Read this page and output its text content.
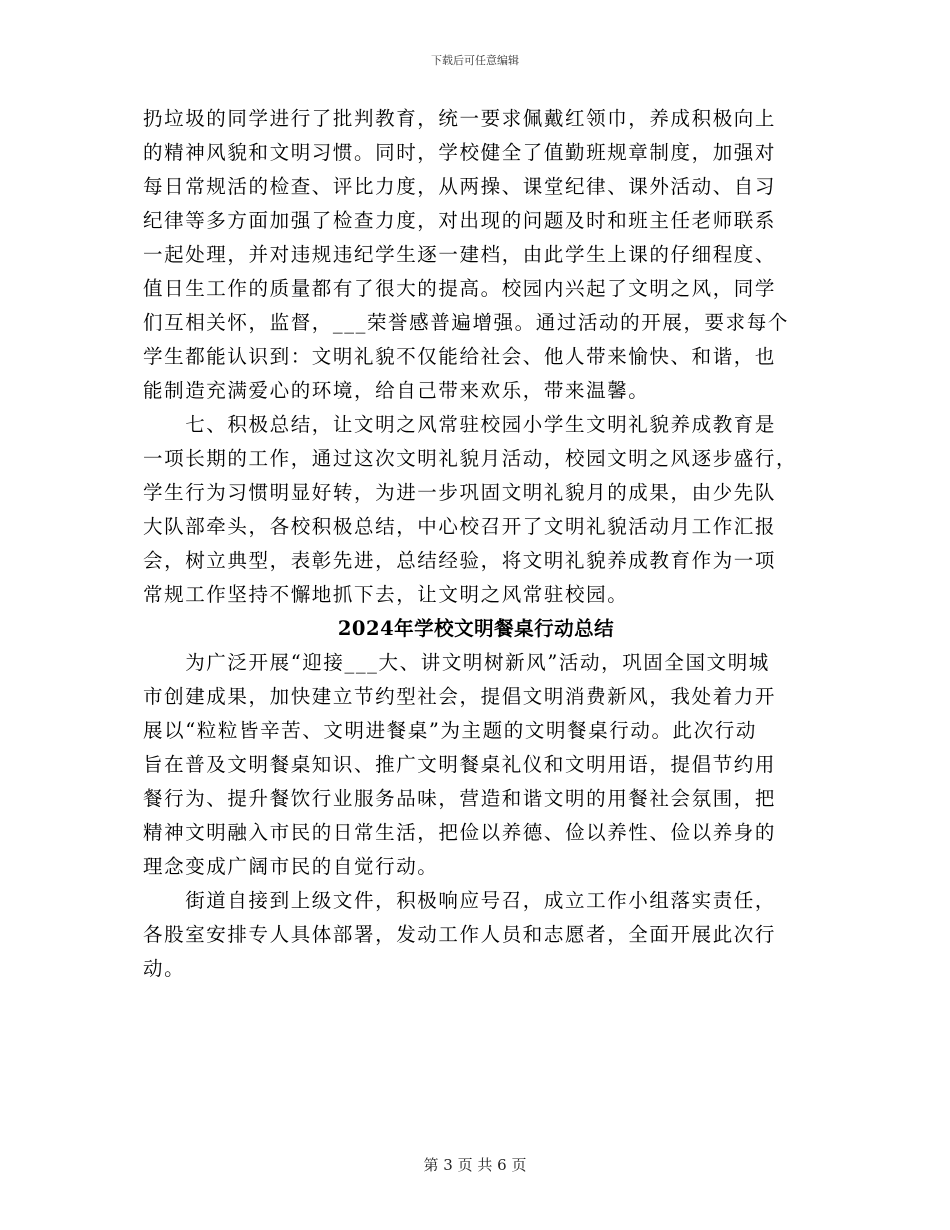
下载后可任意编辑
扔垃圾的同学进行了批判教育，统一要求佩戴红领巾，养成积极向上
的精神风貌和文明习惯。同时，学校健全了值勤班规章制度，加强对
每日常规活的检查、评比力度，从两操、课堂纪律、课外活动、自习
纪律等多方面加强了检查力度，对出现的问题及时和班主任老师联系
一起处理，并对违规违纪学生逐一建档，由此学生上课的仔细程度、
值日生工作的质量都有了很大的提高。校园内兴起了文明之风，同学
们互相关怀，监督，___荣誉感普遍增强。通过活动的开展，要求每个
学生都能认识到：文明礼貌不仅能给社会、他人带来愉快、和谐，也
能制造充满爱心的环境，给自己带来欢乐，带来温馨。
　　七、积极总结，让文明之风常驻校园小学生文明礼貌养成教育是
一项长期的工作，通过这次文明礼貌月活动，校园文明之风逐步盛行，
学生行为习惯明显好转，为进一步巩固文明礼貌月的成果，由少先队
大队部牵头，各校积极总结，中心校召开了文明礼貌活动月工作汇报
会，树立典型，表彰先进，总结经验，将文明礼貌养成教育作为一项
常规工作坚持不懈地抓下去，让文明之风常驻校园。
2024年学校文明餐桌行动总结
　　为广泛开展“迎接___大、讲文明树新风”活动，巩固全国文明城
市创建成果，加快建立节约型社会，提倡文明消费新风，我处着力开
展以“粒粒皆辛苦、文明进餐桌”为主题的文明餐桌行动。此次行动
旨在普及文明餐桌知识、推广文明餐桌礼仪和文明用语，提倡节约用
餐行为、提升餐饮行业服务品味，营造和谐文明的用餐社会氛围，把
精神文明融入市民的日常生活，把俭以养德、俭以养性、俭以养身的
理念变成广阔市民的自觉行动。
　　街道自接到上级文件，积极响应号召，成立工作小组落实责任，
各股室安排专人具体部署，发动工作人员和志愿者，全面开展此次行
动。
第 3 页 共 6 页
